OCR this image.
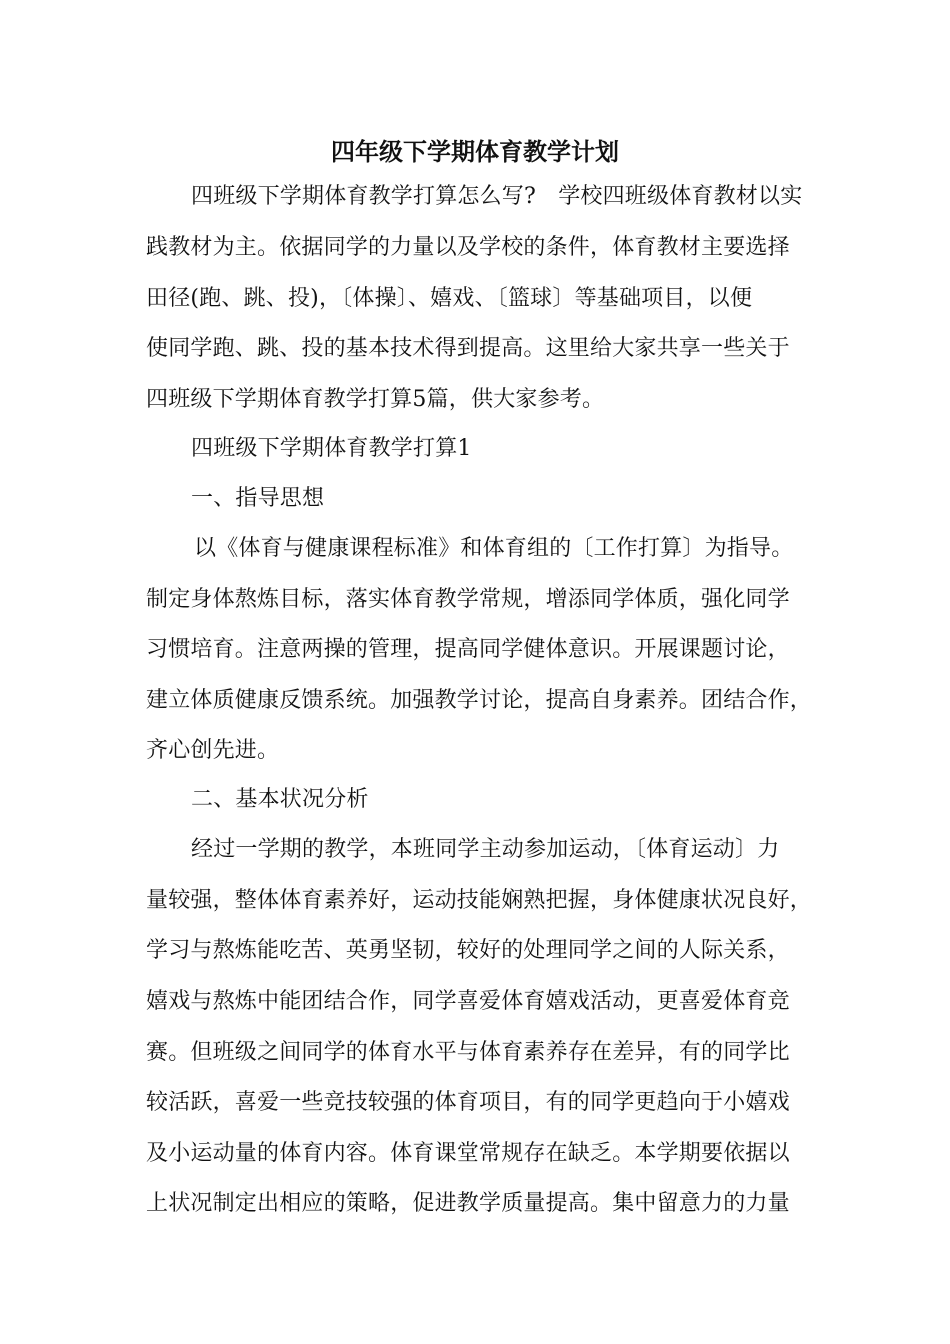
四年级下学期体育教学计划
四班级下学期体育教学打算怎么写?　学校四班级体育教材以实
践教材为主。依据同学的力量以及学校的条件，体育教材主要选择
田径(跑、跳、投)，〔体操〕、嬉戏、〔篮球〕等基础项目，以便
使同学跑、跳、投的基本技术得到提高。这里给大家共享一些关于
四班级下学期体育教学打算5篇，供大家参考。
四班级下学期体育教学打算1
一、指导思想
以《体育与健康课程标准》和体育组的〔工作打算〕为指导。
制定身体熬炼目标，落实体育教学常规，增添同学体质，强化同学
习惯培育。注意两操的管理，提高同学健体意识。开展课题讨论，
建立体质健康反馈系统。加强教学讨论，提高自身素养。团结合作，
齐心创先进。
二、基本状况分析
经过一学期的教学，本班同学主动参加运动，〔体育运动〕力
量较强，整体体育素养好，运动技能娴熟把握，身体健康状况良好，
学习与熬炼能吃苦、英勇坚韧，较好的处理同学之间的人际关系，
嬉戏与熬炼中能团结合作，同学喜爱体育嬉戏活动，更喜爱体育竞
赛。但班级之间同学的体育水平与体育素养存在差异，有的同学比
较活跃，喜爱一些竞技较强的体育项目，有的同学更趋向于小嬉戏
及小运动量的体育内容。体育课堂常规存在缺乏。本学期要依据以
上状况制定出相应的策略，促进教学质量提高。集中留意力的力量
